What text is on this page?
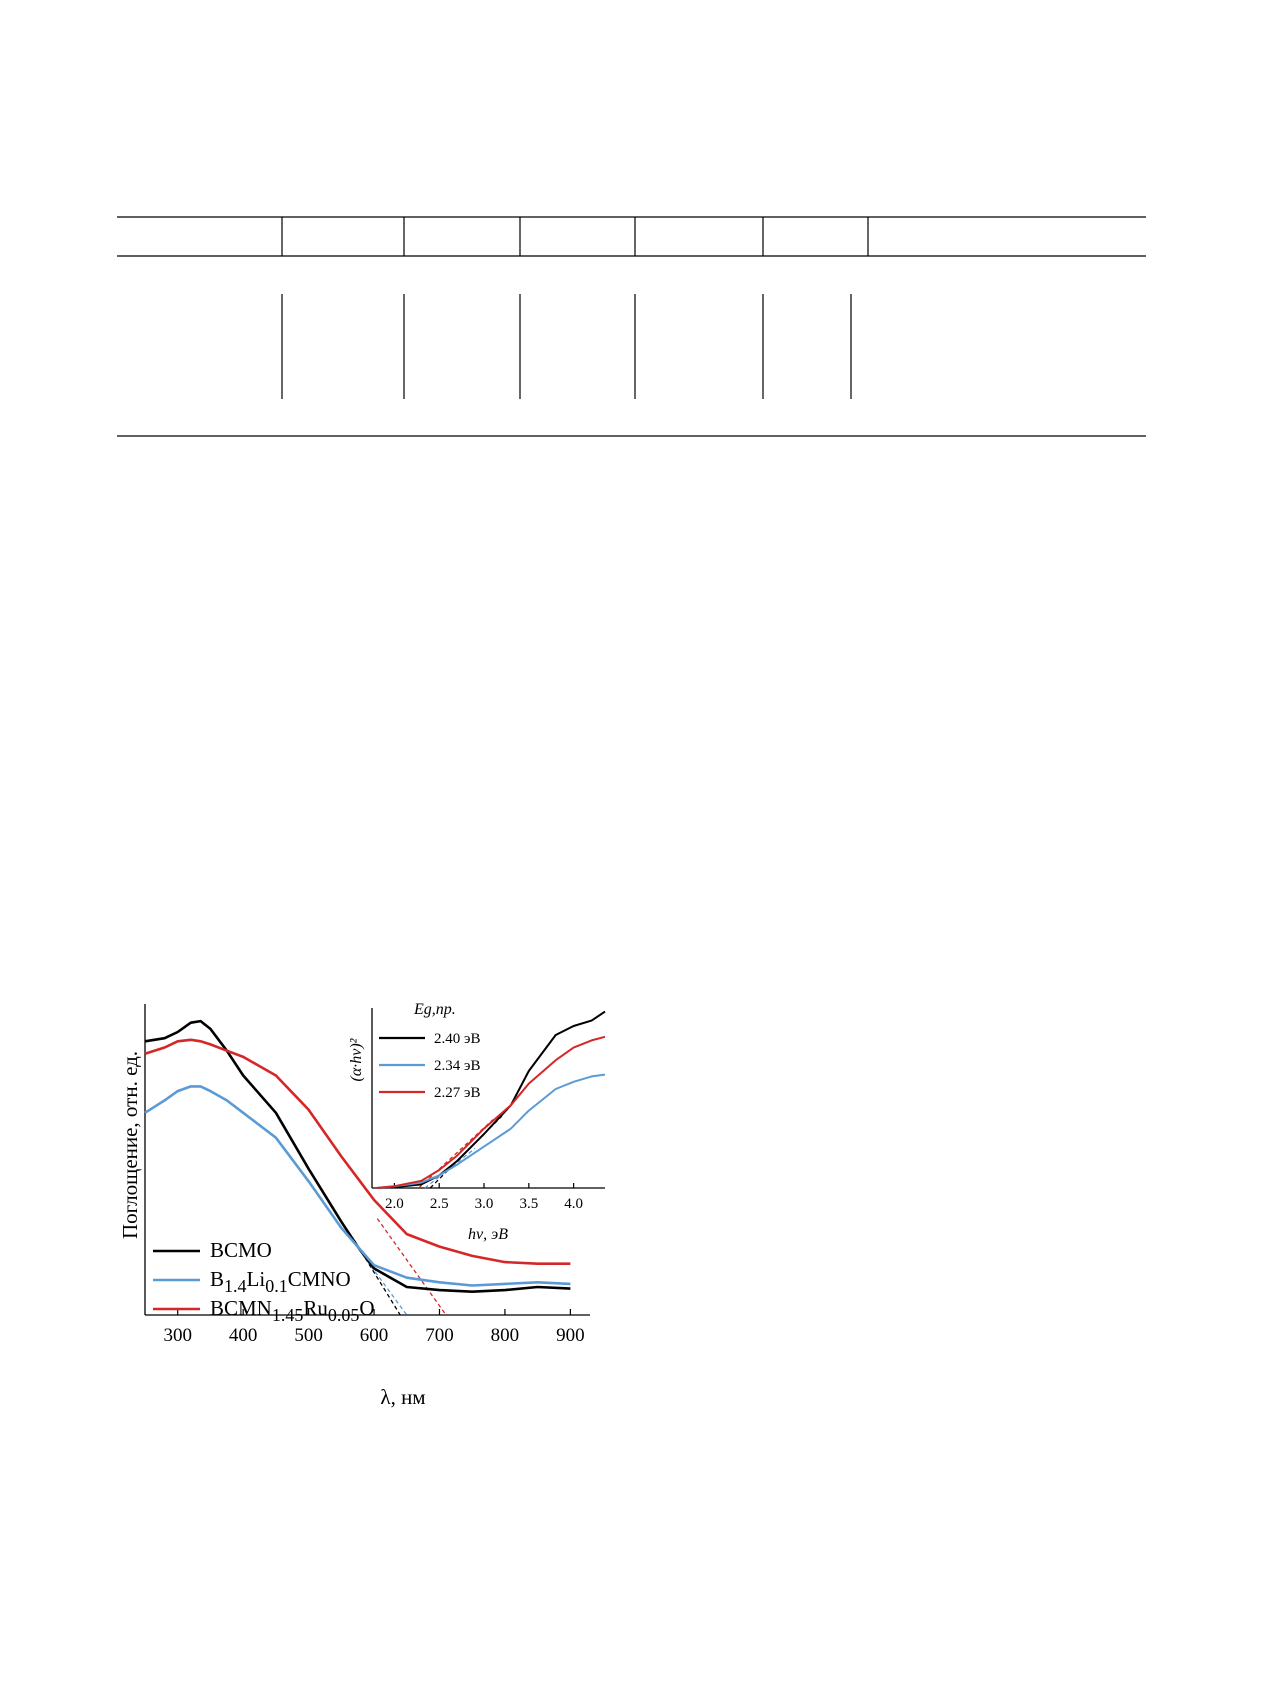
300 400 500 600 700 800 900
λ, нм
Поглощение, отн. ед.
BCMO
B1.4Li0.1CMNO
BCMN1.45Ru0.05O
2.0 2.5 3.0 3.5 4.0
hν, эВ
(α·hν)²
Eg,пр.
2.40 эВ
2.34 эВ
2.27 эВ
